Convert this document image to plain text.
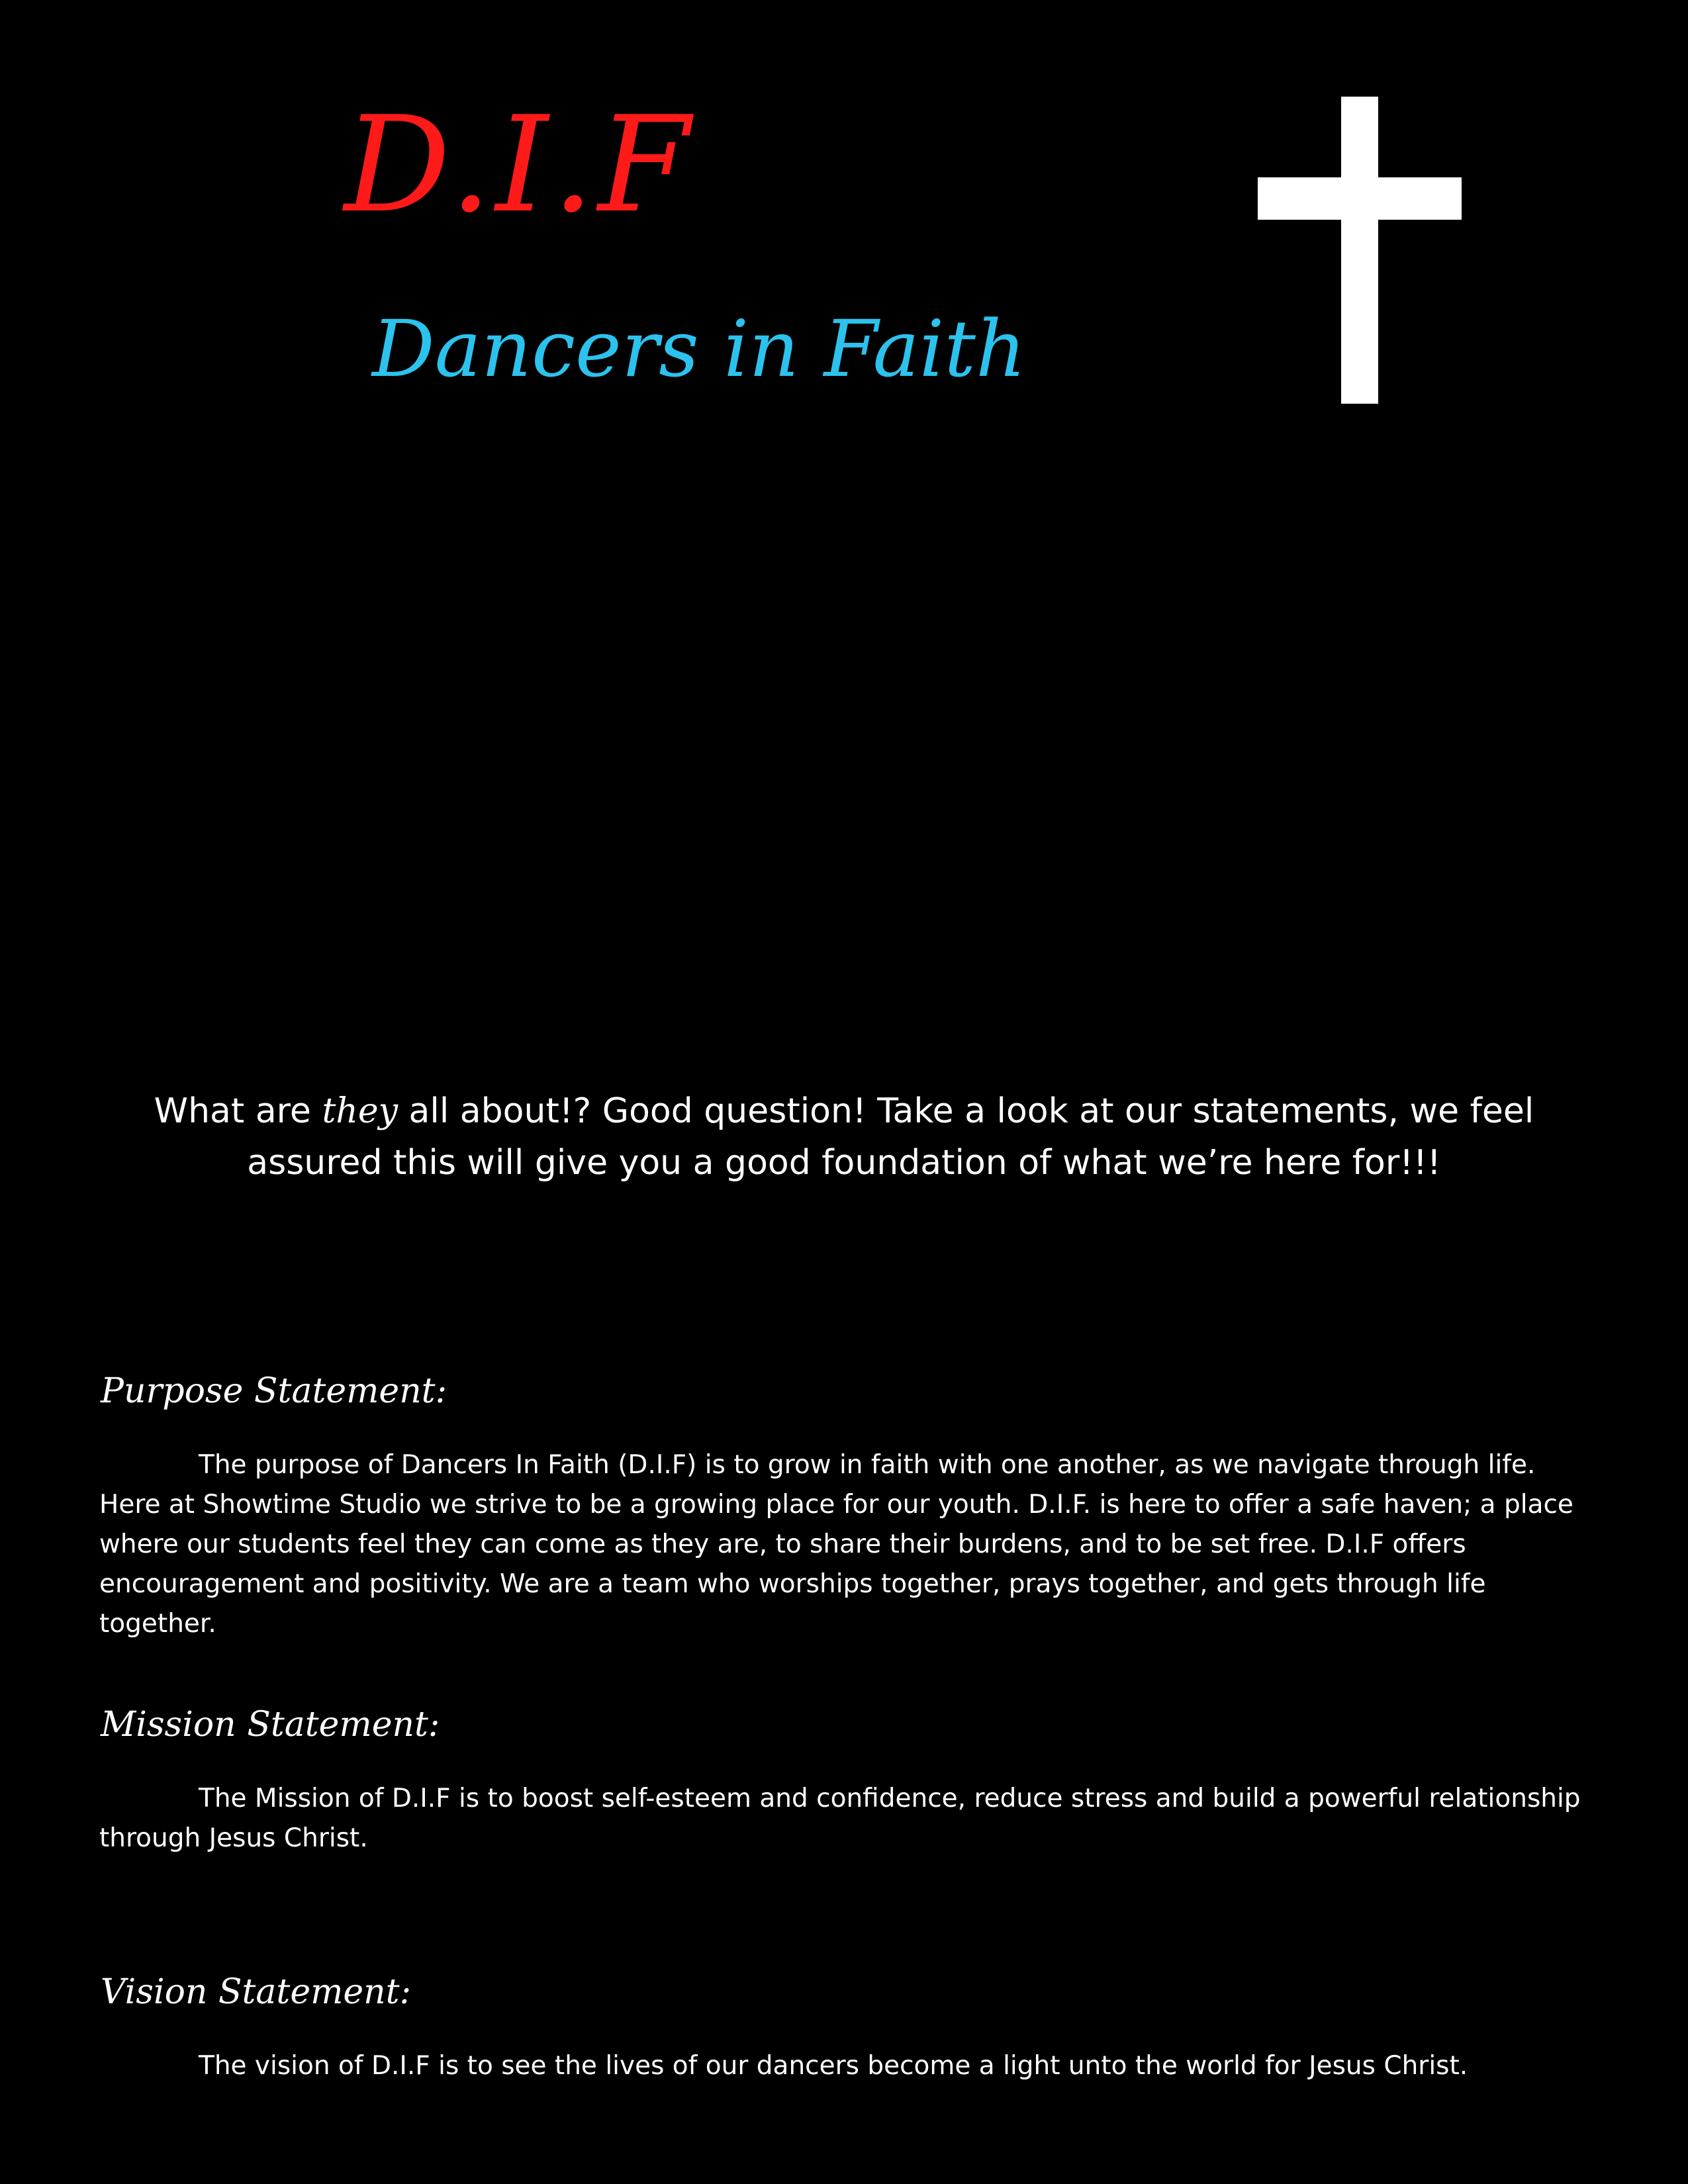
D.I.F
Dancers in Faith
What are they all about!? Good question! Take a look at our statements, we feel assured this will give you a good foundation of what we’re here for!!!
Purpose Statement:

The purpose of Dancers In Faith (D.I.F) is to grow in faith with one another, as we navigate through life. Here at Showtime Studio we strive to be a growing place for our youth. D.I.F. is here to offer a safe haven; a place where our students feel they can come as they are, to share their burdens, and to be set free. D.I.F offers encouragement and positivity. We are a team who worships together, prays together, and gets through life together.

Mission Statement:

The Mission of D.I.F is to boost self-esteem and confidence, reduce stress and build a powerful relationship through Jesus Christ.

Vision Statement:

The vision of D.I.F is to see the lives of our dancers become a light unto the world for Jesus Christ.
